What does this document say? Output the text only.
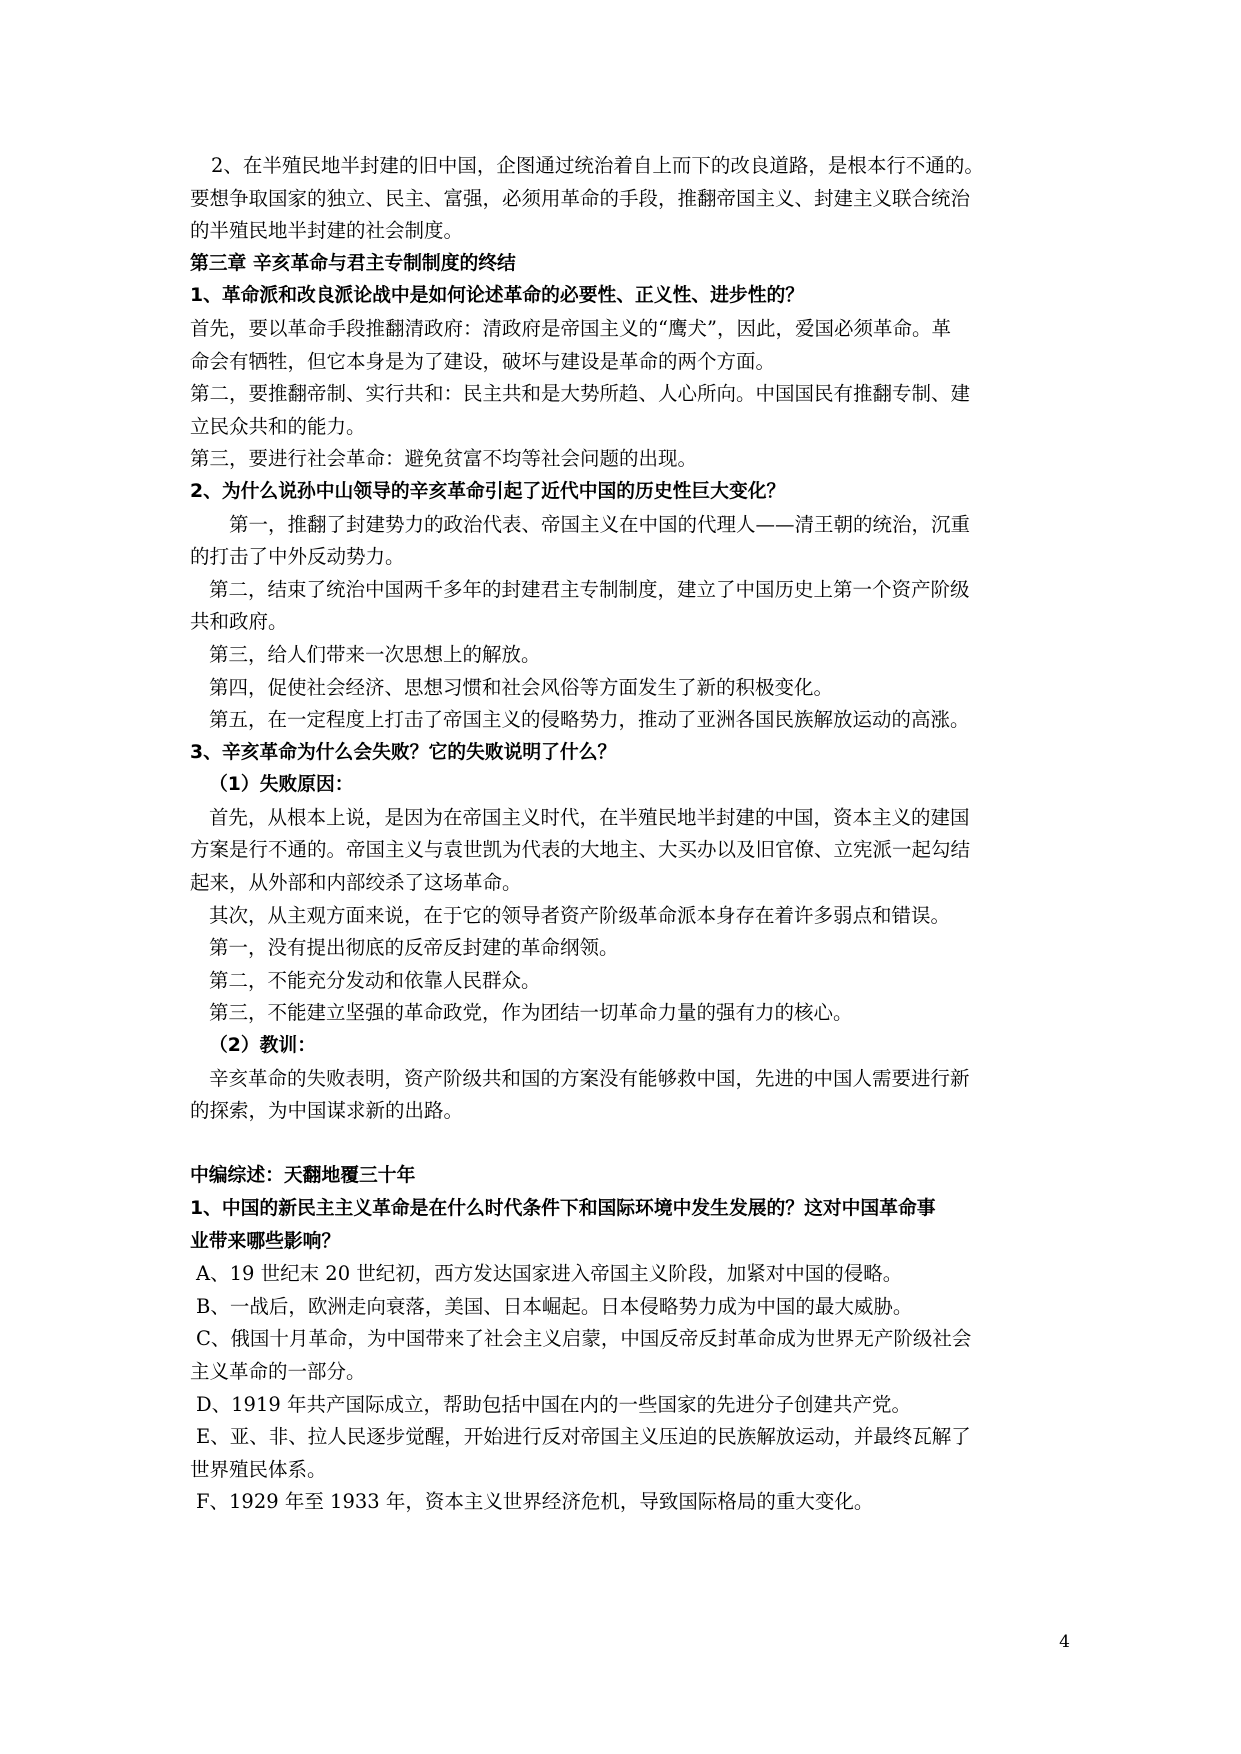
2、在半殖民地半封建的旧中国，企图通过统治着自上而下的改良道路，是根本行不通的。
要想争取国家的独立、民主、富强，必须用革命的手段，推翻帝国主义、封建主义联合统治
的半殖民地半封建的社会制度。
第三章 辛亥革命与君主专制制度的终结
1、革命派和改良派论战中是如何论述革命的必要性、正义性、进步性的？
首先，要以革命手段推翻清政府：清政府是帝国主义的“鹰犬”，因此，爱国必须革命。革
命会有牺牲，但它本身是为了建设，破坏与建设是革命的两个方面。
第二，要推翻帝制、实行共和：民主共和是大势所趋、人心所向。中国国民有推翻专制、建
立民众共和的能力。
第三，要进行社会革命：避免贫富不均等社会问题的出现。
2、为什么说孙中山领导的辛亥革命引起了近代中国的历史性巨大变化？
第一，推翻了封建势力的政治代表、帝国主义在中国的代理人——清王朝的统治，沉重
的打击了中外反动势力。
第二，结束了统治中国两千多年的封建君主专制制度，建立了中国历史上第一个资产阶级
共和政府。
第三，给人们带来一次思想上的解放。
第四，促使社会经济、思想习惯和社会风俗等方面发生了新的积极变化。
第五，在一定程度上打击了帝国主义的侵略势力，推动了亚洲各国民族解放运动的高涨。
3、辛亥革命为什么会失败？它的失败说明了什么？
（1）失败原因：
首先，从根本上说，是因为在帝国主义时代，在半殖民地半封建的中国，资本主义的建国
方案是行不通的。帝国主义与袁世凯为代表的大地主、大买办以及旧官僚、立宪派一起勾结
起来，从外部和内部绞杀了这场革命。
其次，从主观方面来说，在于它的领导者资产阶级革命派本身存在着许多弱点和错误。
第一，没有提出彻底的反帝反封建的革命纲领。
第二，不能充分发动和依靠人民群众。
第三，不能建立坚强的革命政党，作为团结一切革命力量的强有力的核心。
（2）教训：
辛亥革命的失败表明，资产阶级共和国的方案没有能够救中国，先进的中国人需要进行新
的探索，为中国谋求新的出路。
中编综述：天翻地覆三十年
1、中国的新民主主义革命是在什么时代条件下和国际环境中发生发展的？这对中国革命事
业带来哪些影响？
A、19 世纪末 20 世纪初，西方发达国家进入帝国主义阶段，加紧对中国的侵略。
B、一战后，欧洲走向衰落，美国、日本崛起。日本侵略势力成为中国的最大威胁。
C、俄国十月革命，为中国带来了社会主义启蒙，中国反帝反封革命成为世界无产阶级社会
主义革命的一部分。
D、1919 年共产国际成立，帮助包括中国在内的一些国家的先进分子创建共产党。
E、亚、非、拉人民逐步觉醒，开始进行反对帝国主义压迫的民族解放运动，并最终瓦解了
世界殖民体系。
F、1929 年至 1933 年，资本主义世界经济危机，导致国际格局的重大变化。
4
